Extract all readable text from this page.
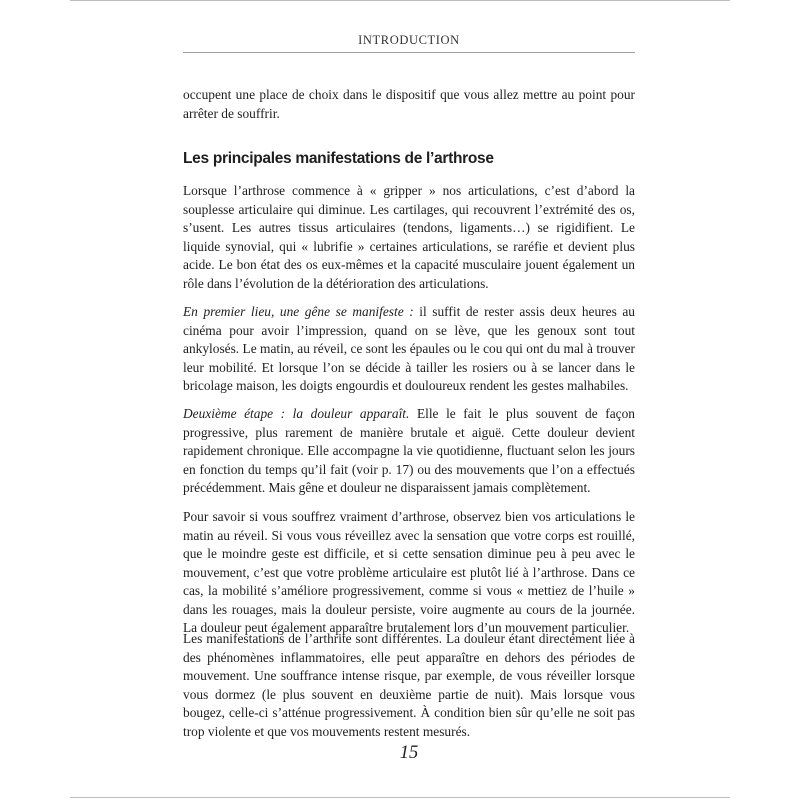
INTRODUCTION

occupent une place de choix dans le dispositif que vous allez mettre au point pour arrêter de souffrir.

Les principales manifestations de l’arthrose

Lorsque l’arthrose commence à « gripper » nos articulations, c’est d’abord la souplesse articulaire qui diminue. Les cartilages, qui recouvrent l’extrémité des os, s’usent. Les autres tissus articulaires (tendons, ligaments…) se rigidifient. Le liquide synovial, qui « lubrifie » certaines articulations, se raréfie et devient plus acide. Le bon état des os eux-mêmes et la capacité musculaire jouent également un rôle dans l’évolution de la détérioration des articulations.

En premier lieu, une gêne se manifeste : il suffit de rester assis deux heures au cinéma pour avoir l’impression, quand on se lève, que les genoux sont tout ankylosés. Le matin, au réveil, ce sont les épaules ou le cou qui ont du mal à trouver leur mobilité. Et lorsque l’on se décide à tailler les rosiers ou à se lancer dans le bricolage maison, les doigts engourdis et douloureux rendent les gestes malhabiles.

Deuxième étape : la douleur apparaît. Elle le fait le plus souvent de façon progressive, plus rarement de manière brutale et aiguë. Cette douleur devient rapidement chronique. Elle accompagne la vie quotidienne, fluctuant selon les jours en fonction du temps qu’il fait (voir p. 17) ou des mouvements que l’on a effectués précédemment. Mais gêne et douleur ne disparaissent jamais complètement.

Pour savoir si vous souffrez vraiment d’arthrose, observez bien vos articulations le matin au réveil. Si vous vous réveillez avec la sensation que votre corps est rouillé, que le moindre geste est difficile, et si cette sensation diminue peu à peu avec le mouvement, c’est que votre problème articulaire est plutôt lié à l’arthrose. Dans ce cas, la mobilité s’améliore progressivement, comme si vous « mettiez de l’huile » dans les rouages, mais la douleur persiste, voire augmente au cours de la journée. La douleur peut également apparaître brutalement lors d’un mouvement particulier.

Les manifestations de l’arthrite sont différentes. La douleur étant directement liée à des phénomènes inflammatoires, elle peut apparaître en dehors des périodes de mouvement. Une souffrance intense risque, par exemple, de vous réveiller lorsque vous dormez (le plus souvent en deuxième partie de nuit). Mais lorsque vous bougez, celle-ci s’atténue progressivement. À condition bien sûr qu’elle ne soit pas trop violente et que vos mouvements restent mesurés.

15
